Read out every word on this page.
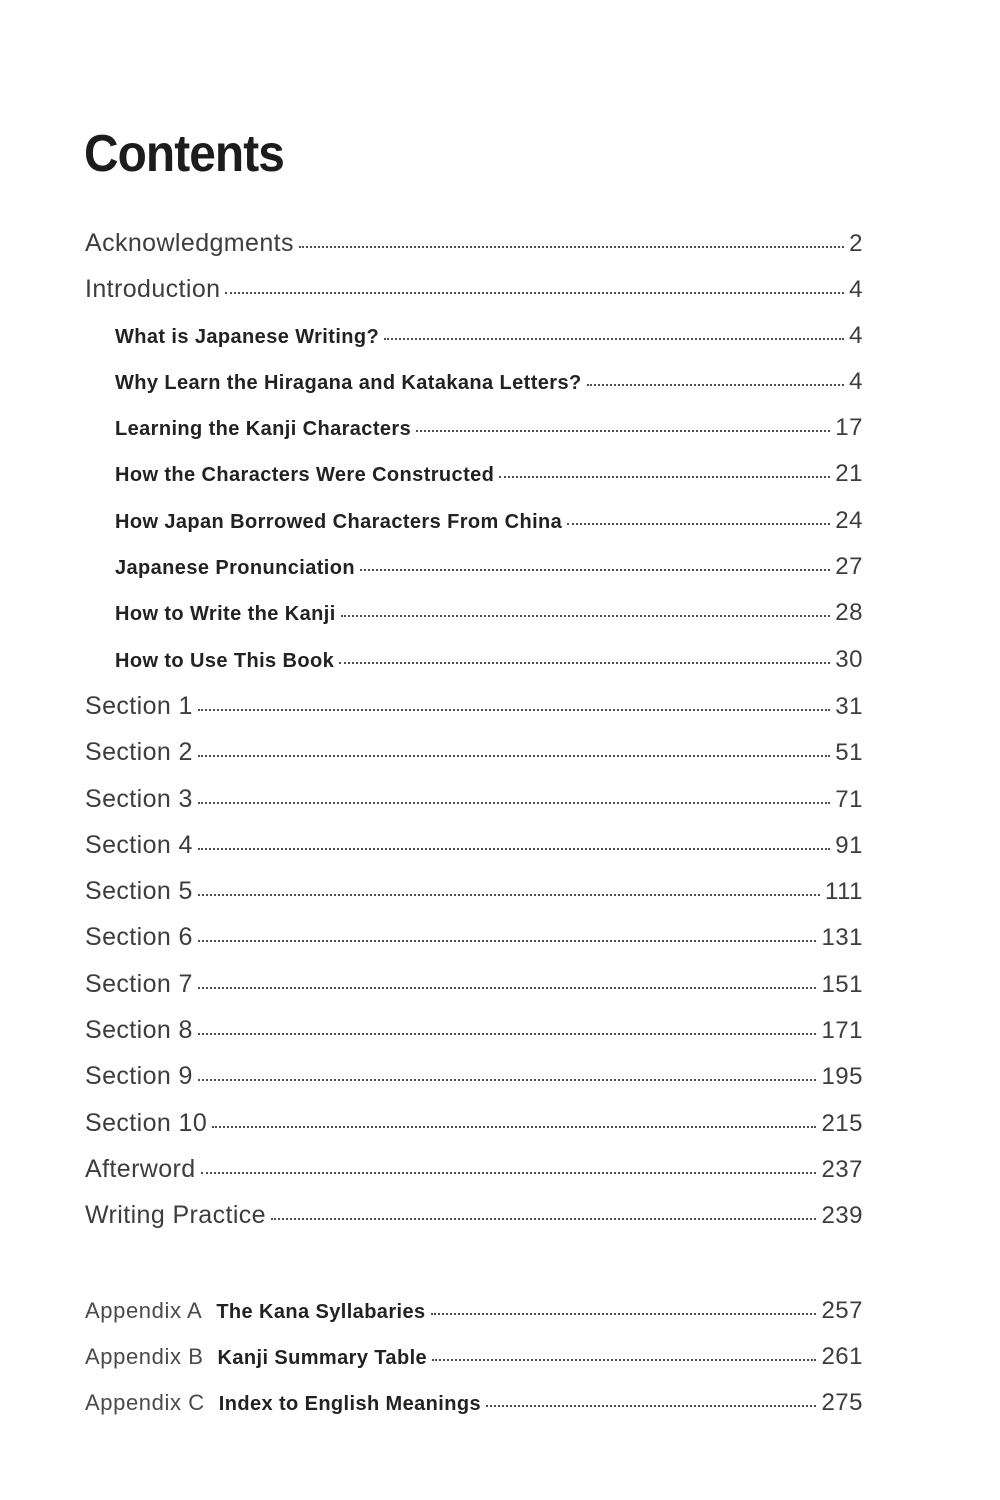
Contents
Acknowledgments	2
Introduction	4
What is Japanese Writing?	4
Why Learn the Hiragana and Katakana Letters?	4
Learning the Kanji Characters	17
How the Characters Were Constructed	21
How Japan Borrowed Characters From China	24
Japanese Pronunciation	27
How to Write the Kanji	28
How to Use This Book	30
Section 1	31
Section 2	51
Section 3	71
Section 4	91
Section 5	111
Section 6	131
Section 7	151
Section 8	171
Section 9	195
Section 10	215
Afterword	237
Writing Practice	239
Appendix A The Kana Syllabaries	257
Appendix B Kanji Summary Table	261
Appendix C Index to English Meanings	275
